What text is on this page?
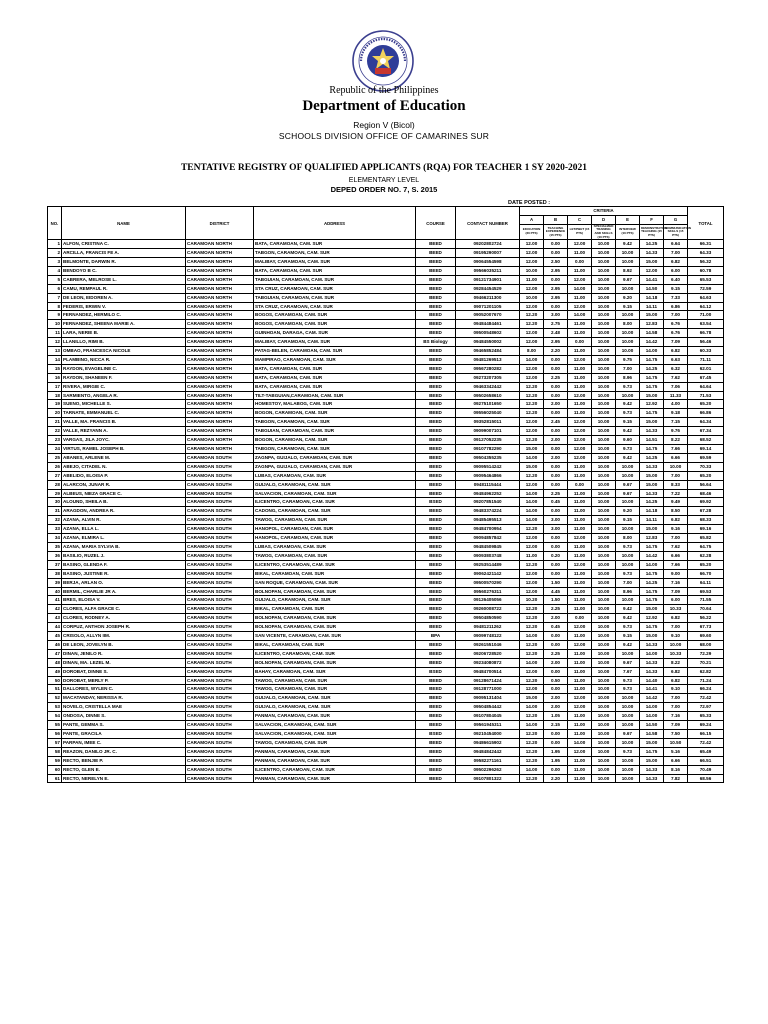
Republic of the Philippines
Department of Education
Region V (Bicol)
SCHOOLS DIVISION OFFICE OF CAMARINES SUR
TENTATIVE REGISTRY OF QUALIFIED APPLICANTS (RQA) FOR TEACHER 1 SY 2020-2021
ELEMENTARY LEVEL
DEPED ORDER NO. 7, S. 2015
DATE POSTED :
NO.	NAME	DISTRICT	ADDRESS	COURSE	CONTACT NUMBER	CRITERIA							TOTAL
						A	B	C	D	E	F	G	
						EDUCATION (20 PTS)	TEACHING EXPERIENCE (15 PTS)	LET/PBET (15 PTS)	SPECIALIZED TRAINING AND SKILLS (10 PTS)	INTERVIEW (10 PTS)	DEMONSTRATION TEACHING (15 PTS)	COMMUNICATION SKILLS (15 PTS)	
1	ALFON, CRISTINA C.	CARAMOAN NORTH	BATA, CARAMOAN, CAM. SUR	BEED	09202802724	12.00	0.00	12.00	10.00	9.42	14.25	6.64	66.31
2	ARCILLA, FRANCIS FE A.	CARAMOAN NORTH	TABGON, CARAMOAN, CAM. SUR	BEED	09195290007	12.00	0.00	11.00	10.00	10.00	14.33	7.00	64.33
3	BELMONTE, DARWIN R.	CARAMOAN NORTH	MALIBAY, CARAMOAN, CAM. SUR	BEED	09064554598	12.00	2.50	0.00	10.00	10.00	15.00	6.82	56.32
4	BENDOYO B C.	CARAMOAN NORTH	BATA, CARAMOAN, CAM. SUR	BEED	09566035211	10.00	2.95	11.00	10.00	8.92	12.00	6.00	60.78
5	CABRERA, MELROSE L.	CARAMOAN NORTH	TABGUIAN, CARAMOAN, CAM. SUR	BEED	09121734901	11.00	0.00	12.00	10.00	9.67	14.41	6.40	65.53
6	CAMU, REMPAUL R.	CARAMOAN NORTH	STA CRUZ, CARAMOAN, CAM. SUR	BEED	09284454529	12.00	2.95	14.00	10.00	10.00	14.50	9.15	72.59
7	DE LEON, EIDOREN A.	CARAMOAN NORTH	TABGUIAN, CARAMOAN, CAM. SUR	BEED	09466211300	10.00	2.95	11.00	10.00	9.20	14.18	7.33	64.63
8	FEDERIS, ERWIN V.	CARAMOAN NORTH	STA CRUZ, CARAMOAN, CAM. SUR	BEED	09071201105	12.00	0.00	12.00	10.00	9.15	14.11	6.86	64.12
9	FERNANDEZ, HERMILO C.	CARAMOAN NORTH	BOGOS, CARAMOAN, CAM. SUR	BEED	09052007670	12.20	3.00	14.00	10.00	10.00	15.00	7.00	71.00
10	FERNANDEZ, SHEENA MARIE A.	CARAMOAN NORTH	BOGOS, CARAMOAN, CAM. SUR	BEED	09484484461	12.20	2.75	11.00	10.00	8.00	12.83	6.76	63.54
11	LARA, NERIE B.	CARAMOAN NORTH	GUINHOAN, DARAGA, CAM. SUR	BEED	09500548602	12.00	2.48	11.00	10.00	10.00	14.58	6.76	66.78
12	LLANILLO, RIMI B.	CARAMOAN NORTH	MALIBAY, CARAMOAN, CAM. SUR	BS Biology	09484550002	12.00	2.95	0.00	10.00	10.00	14.42	7.09	56.46
13	OMBAO, FRANCESCA NICOLE	CARAMOAN NORTH	PATAG-BELEN, CARAMOAN, CAM. SUR	BEED	09465852484	8.00	2.20	11.00	10.00	10.00	14.00	6.82	60.33
14	PLAMBINO, NICCA R.	CARAMOAN NORTH	MAMPIRAO, CARAMOAN, CAM. SUR	BEED	09481269513	14.00	0.00	12.00	10.00	9.75	14.75	6.63	71.11
15	RAYDON, EVAGELINE C.	CARAMOAN NORTH	BATA, CARAMOAN, CAM. SUR	BEED	09567280282	12.00	0.00	11.00	10.00	7.00	14.25	6.32	62.01
16	RAYDON, SHANEEN F.	CARAMOAN NORTH	BATA, CARAMOAN, CAM. SUR	BEED	09273207305	12.00	2.25	11.00	10.00	8.96	14.75	7.62	67.45
17	RIVERA, MIRGIE C.	CARAMOAN NORTH	BATA, CARAMOAN, CAM. SUR	BEED	09463342442	12.20	0.00	11.00	10.00	9.73	14.75	7.06	64.64
18	SARMIENTO, ANGELA R.	CARAMOAN NORTH	TILT-TABGUIAN,CARAMOAN, CAM. SUR	BEED	09502658610	12.20	0.00	12.00	10.00	10.00	15.00	11.33	71.53
19	SUENO, MICHELLE S.	CARAMOAN NORTH	HOMESTOY, MALABOG, CAM. SUR	BEED	09275101650	12.20	2.00	11.00	10.00	9.42	12.92	4.00	65.20
20	TARNATE, EMMANUEL C.	CARAMOAN NORTH	BOGON, CARAMOAN, CAM. SUR	BEED	09556025040	12.20	0.00	11.00	10.00	9.73	14.75	9.18	66.86
21	VALLE, MA. FRANCIS B.	CARAMOAN NORTH	TABGON, CARAMOAN, CAM. SUR	BEED	09352815011	12.00	2.45	12.00	10.00	9.15	15.00	7.15	64.34
22	VALLE, REZYANN A.	CARAMOAN NORTH	TABGUIAN, CARAMOAN, CAM. SUR	BEED	09099007101	12.00	0.00	12.00	10.00	9.42	14.33	9.76	67.34
23	VARGAS, JILA JOYC.	CARAMOAN NORTH	BOGON, CARAMOAN, CAM. SUR	BEED	09127052235	12.20	2.00	12.00	10.00	9.60	14.51	8.22	68.52
24	VIRTUS, RAMEL JOSEPH B.	CARAMOAN NORTH	TABGON, CARAMOAN, CAM. SUR	BEED	09107782290	15.00	0.00	12.00	10.00	9.73	14.75	7.66	69.14
25	ABANES, ARLENE M.	CARAMOAN SOUTH	ZAGNPA, GUIJALO, CARAMOAN, CAM. SUR	BEED	09504355235	14.00	2.00	12.00	10.00	9.42	14.25	6.66	69.59
26	ABEJO, CITADEL N.	CARAMOAN SOUTH	ZAGNPA, GUIJALO, CARAMOAN, CAM. SUR	BEED	09095514242	15.00	0.00	11.00	10.00	10.00	14.33	10.00	70.33
27	ABELIDO, ELOISA P.	CARAMOAN SOUTH	LUBAS, CARAMOAN, CAM. SUR	BEED	09095464866	12.20	0.00	11.00	10.00	10.00	15.00	7.00	65.20
28	ALARCON, JUNAR R.	CARAMOAN SOUTH	GUIJALO, CARAMOAN, CAM. SUR	BEED	09481115444	12.00	0.00	0.00	10.00	9.67	15.00	8.33	56.64
29	ALBEUS, NIEZA GRACE C.	CARAMOAN SOUTH	SALVACION, CARAMOAN, CAM. SUR	BEED	09484962252	14.00	2.25	11.00	10.00	9.67	14.33	7.22	68.46
30	ALOUND, SHEILA B.	CARAMOAN SOUTH	ILICENTRO, CARAMOAN, CAM. SUR	BSED	09207851540	14.00	0.45	11.00	10.00	10.00	14.25	9.49	69.92
31	ARAGDON, ANDREA R.	CARAMOAN SOUTH	CADONG, CARAMOAN, CAM. SUR	BEED	09483374224	14.00	0.00	11.00	10.00	9.20	14.18	8.50	67.28
32	AZANA, ALVIN R.	CARAMOAN SOUTH	TAWOG, CARAMOAN, CAM. SUR	BEED	09485495513	14.00	3.00	11.00	10.00	9.15	14.11	6.82	68.33
33	AZANA, ELLA L.	CARAMOAN SOUTH	HANOPOL, CARAMOAN, CAM. SUR	BEED	09484700954	12.20	3.00	11.00	10.00	10.00	15.00	9.16	69.16
34	AZANA, ELMIRA L.	CARAMOAN SOUTH	HANOPOL, CARAMOAN, CAM. SUR	BEED	09094857842	12.00	0.00	12.00	10.00	8.00	12.83	7.00	65.82
35	AZANA, MARIA SYLVIA B.	CARAMOAN SOUTH	LUBAS, CARAMOAN, CAM. SUR	BEED	09484509845	12.00	0.00	11.00	10.00	9.73	14.75	7.62	64.75
36	BASILIO, RUZEL J.	CARAMOAN SOUTH	TAWOG, CARAMOAN, CAM. SUR	BEED	09093803748	11.00	0.20	11.00	10.00	10.00	14.42	6.66	62.28
37	BASINO, GLENDA F.	CARAMOAN SOUTH	ILICENTRO, CARAMOAN, CAM. SUR	BEED	09253514489	12.20	0.00	12.00	10.00	10.00	14.00	7.66	65.20
38	BASINO, JUSTINE R.	CARAMOAN SOUTH	BIKAL, CARAMOAN, CAM. SUR	BEED	09062421142	12.00	0.00	11.00	10.00	9.73	14.75	9.00	66.70
39	BERJA, ARLAN O.	CARAMOAN SOUTH	SAN ROQUE, CARAMOAN, CAM. SUR	BEED	09500570290	12.00	1.50	11.00	10.00	7.00	14.25	7.16	64.11
40	BERMIL, CHARLIE JR A.	CARAMOAN SOUTH	BOLNOPAN, CARAMOAN, CAM. SUR	BEED	09560276311	12.00	4.45	11.00	10.00	8.96	14.75	7.09	69.53
41	BRES, ELOISA V.	CARAMOAN SOUTH	GUIJALO, CARAMOAN, CAM. SUR	BEED	09126405056	10.20	1.50	11.00	10.00	10.00	14.75	6.00	71.55
42	CLORES, ALFA GRACE C.	CARAMOAN SOUTH	BIKAL, CARAMOAN, CAM. SUR	BEED	09260008722	12.20	2.25	11.00	10.00	9.42	15.00	10.33	70.64
43	CLORES, RODNEY A.	CARAMOAN SOUTH	BOLNOPAN, CARAMOAN, CAM. SUR	BEED	09504850590	12.20	2.00	0.00	10.00	9.42	12.92	6.82	56.22
44	CORPUZ, ANTHON JOSEPH R.	CARAMOAN SOUTH	BOLNOPAN, CARAMOAN, CAM. SUR	BEED	09481211262	12.20	0.45	12.00	10.00	9.73	14.75	7.00	67.73
45	CRISOLO, ALLYN IIM.	CARAMOAN SOUTH	SAN VICENTE, CARAMOAN, CAM. SUR	BPA	09099748122	14.00	0.00	11.00	10.00	9.15	15.00	9.10	69.60
46	DE LEON, JOVELYN B.	CARAMOAN SOUTH	BIKAL, CARAMOAN, CAM. SUR	BEED	09261551046	12.20	0.00	12.00	10.00	9.42	14.33	10.00	68.00
47	DINAN, JENILO R.	CARAMOAN SOUTH	ILICENTRO, CARAMOAN, CAM. SUR	BEED	09206728520	12.20	2.25	11.00	10.00	10.00	14.00	10.33	72.29
48	DINAN, MA. LEZEL M.	CARAMOAN SOUTH	BOLNOPAN, CARAMOAN, CAM. SUR	BEED	09234080872	14.00	2.00	11.00	10.00	9.67	14.33	8.22	70.21
49	DOROBAT, DINNE S.	CARAMOAN SOUTH	BAHAY, CARAMOAN, CAM. SUR	BSED	09484700514	12.00	0.00	11.00	10.00	7.67	14.33	6.82	62.82
50	DOROBAT, MERLY P.	CARAMOAN SOUTH	TAWOG, CARAMOAN, CAM. SUR	BEED	09128671424	12.20	0.50	11.00	10.00	9.73	14.40	6.82	71.24
51	DALLORES, WYLEN C.	CARAMOAN SOUTH	TAWOG, CARAMOAN, CAM. SUR	BEED	09128771000	12.00	0.00	11.00	10.00	9.73	14.41	9.10	66.24
52	MACATANDAY, NERISSA R.	CARAMOAN SOUTH	GUIJALO, CARAMOAN, CAM. SUR	BEED	09095131404	15.00	2.00	12.00	10.00	10.00	14.42	7.00	72.42
53	NOVELO, CRISTELLA MAE	CARAMOAN SOUTH	GUIJALO, CARAMOAN, CAM. SUR	BEED	09504854442	14.00	2.00	12.00	10.00	10.00	14.00	7.00	72.97
54	ONDOSA, DINNE S.	CARAMOAN SOUTH	PANMAN, CARAMOAN, CAM. SUR	BEED	09107804045	12.20	1.05	11.00	10.00	10.00	14.00	7.16	65.33
55	PANTE, GEMMA S.	CARAMOAN SOUTH	SALVACION, CARAMOAN, CAM. SUR	BEED	09561945311	14.00	2.15	11.00	10.00	10.00	14.50	7.09	69.24
56	PANTE, GRACILA	CARAMOAN SOUTH	SALVACION, CARAMOAN, CAM. SUR	BSED	09210454000	12.20	0.00	11.00	10.00	9.67	14.58	7.50	66.15
57	PARPAN, IMEE C.	CARAMOAN SOUTH	TAWOG, CARAMOAN, CAM. SUR	BEED	09486615902	12.20	0.00	14.00	10.00	10.00	15.00	10.50	72.42
58	REAZON, DANILO JR. C.	CARAMOAN SOUTH	PANMAN, CARAMOAN, CAM. SUR	BEED	09484842442	12.20	1.95	12.00	10.00	9.73	14.75	5.16	65.49
59	RECTO, BENJIE P.	CARAMOAN SOUTH	PANMAN, CARAMOAN, CAM. SUR	BEED	09582271161	12.20	1.95	11.00	10.00	10.00	15.00	6.66	66.51
60	RECTO, GLEN E.	CARAMOAN SOUTH	ILICENTRO, CARAMOAN, CAM. SUR	BEED	09502296262	14.00	0.00	11.00	10.00	10.00	14.33	8.16	70.49
61	RECTO, NERELYN E.	CARAMOAN SOUTH	PANMAN, CARAMOAN, CAM. SUR	BEED	09107801322	12.20	2.20	11.00	10.00	10.00	14.33	7.82	68.56
